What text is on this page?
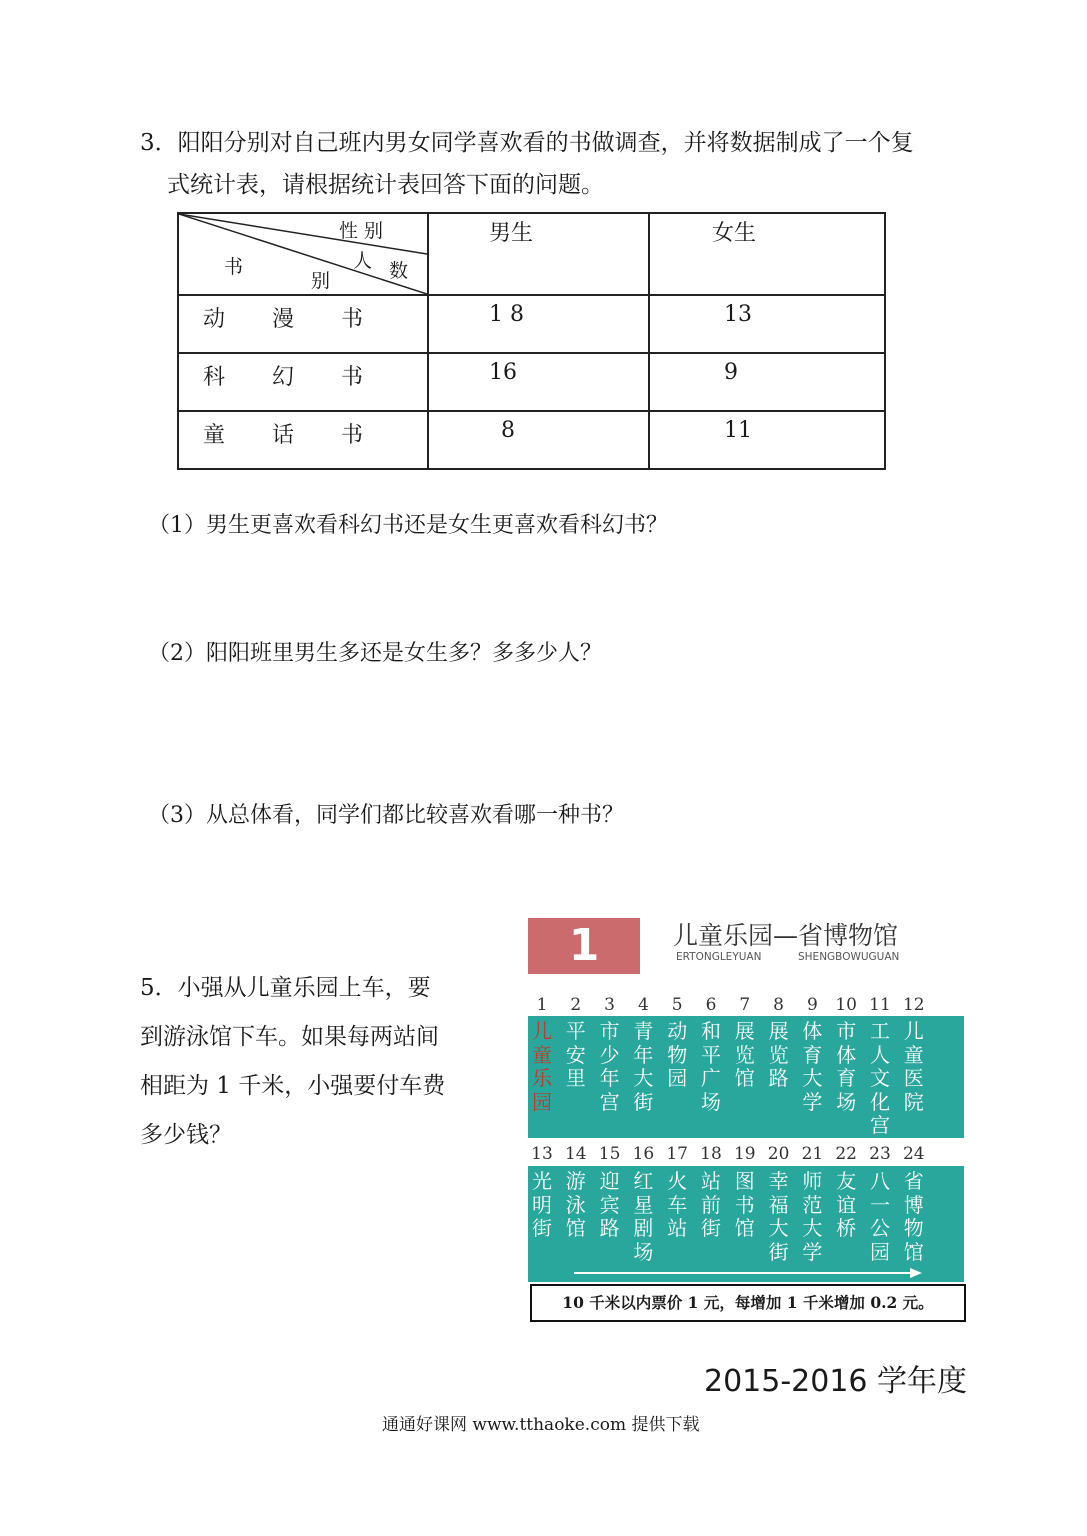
3．阳阳分别对自己班内男女同学喜欢看的书做调查，并将数据制成了一个复
式统计表，请根据统计表回答下面的问题。
性 别
人 数
书
别	男生	女生

动 漫 书	1 8	13

科 幻 书	16	9

童 话 书	8	11
（1）男生更喜欢看科幻书还是女生更喜欢看科幻书？
（2）阳阳班里男生多还是女生多？多多少人？
（3）从总体看，同学们都比较喜欢看哪一种书？
5．小强从儿童乐园上车，要
到游泳馆下车。如果每两站间
相距为 1 千米，小强要付车费
多少钱？
1	儿童乐园—省博物馆
ERTONGLEYUAN	SHENGBOWUGUAN
1	2	3	4	5	6	7	8	9	10 11 12
儿童乐园
平安里
市少年宫
青年大街
动物园
和平广场
展览馆
展览路
体育大学
市体育场
工人文化宫
儿童医院
13 14 15 16 17 18 19 20 21 22 23 24
光明街
游泳馆
迎宾路
红星剧场
火车站
站前街
图书馆
幸福大街
师范大学
友谊桥
八一公园
省博物馆
10 千米以内票价 1 元，每增加 1 千米增加 0.2 元。
2015-2016 学年度
通通好课网 www.tthaoke.com 提供下载
